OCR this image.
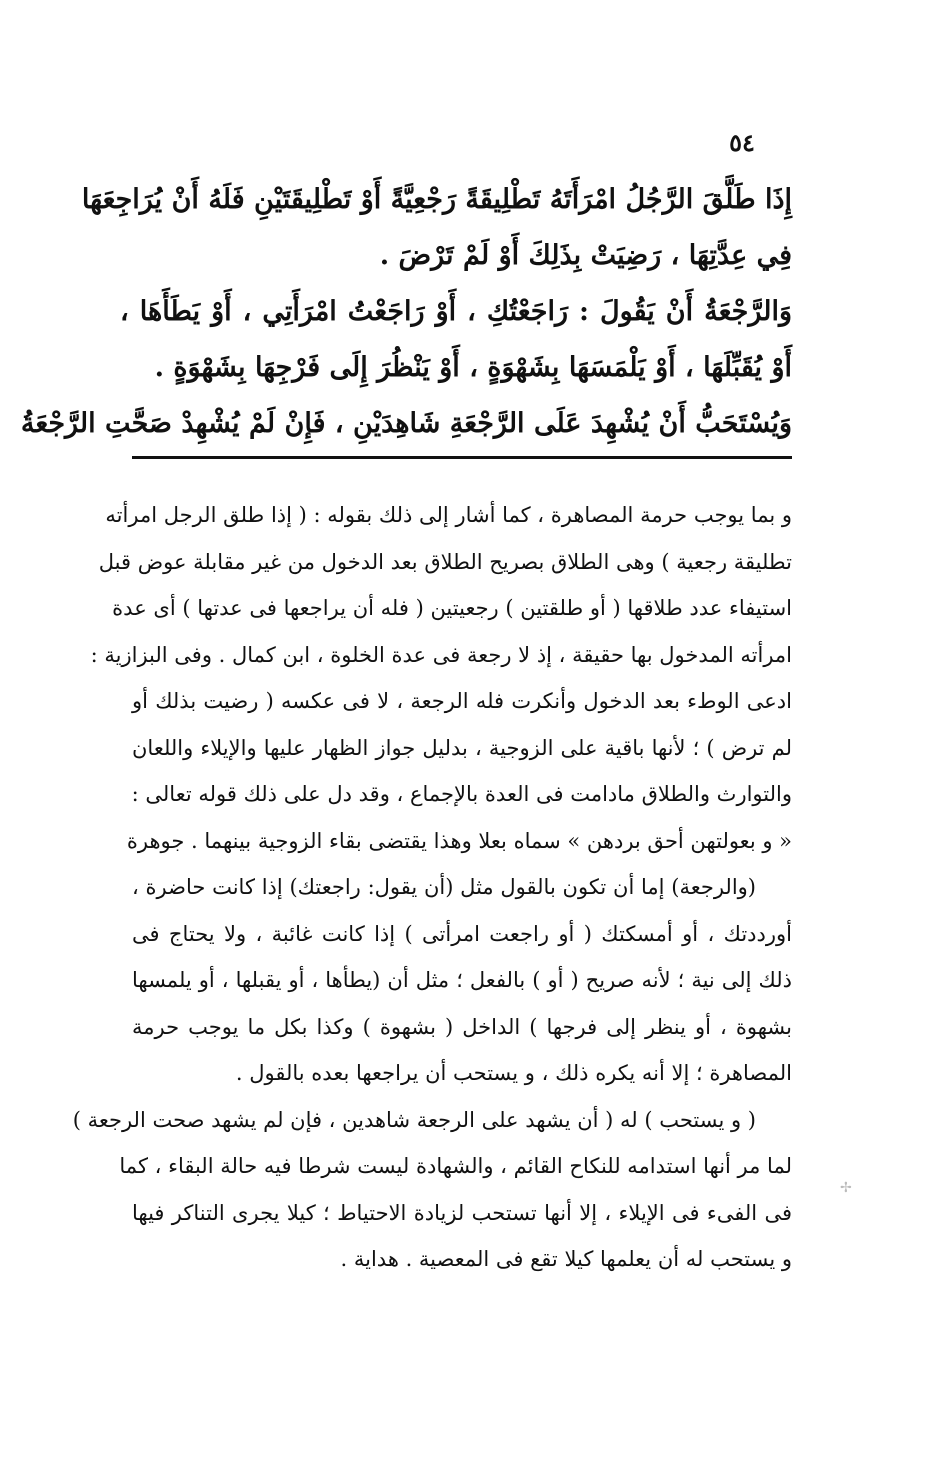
٥٤
إِذَا طَلَّقَ الرَّجُلُ امْرَأَتَهُ تَطْلِيقَةً رَجْعِيَّةً أَوْ تَطْلِيقَتَيْنِ فَلَهُ أَنْ يُرَاجِعَهَا
فِي عِدَّتِهَا ، رَضِيَتْ بِذَلِكَ أَوْ لَمْ تَرْضَ .
وَالرَّجْعَةُ أَنْ يَقُولَ : رَاجَعْتُكِ ، أَوْ رَاجَعْتُ امْرَأَتِي ، أَوْ يَطَأَهَا ،
أَوْ يُقَبِّلَهَا ، أَوْ يَلْمَسَهَا بِشَهْوَةٍ ، أَوْ يَنْظُرَ إِلَى فَرْجِهَا بِشَهْوَةٍ .
وَيُسْتَحَبُّ أَنْ يُشْهِدَ عَلَى الرَّجْعَةِ شَاهِدَيْنِ ، فَإِنْ لَمْ يُشْهِدْ صَحَّتِ الرَّجْعَةُ
و بما يوجب حرمة المصاهرة ، كما أشار إلى ذلك بقوله : ( إذا طلق الرجل امرأته
تطليقة رجعية ) وهى الطلاق بصريح الطلاق بعد الدخول من غير مقابلة عوض قبل
استيفاء عدد طلاقها ( أو طلقتين ) رجعيتين ( فله أن يراجعها فى عدتها ) أى عدة
امرأته المدخول بها حقيقة ، إذ لا رجعة فى عدة الخلوة ، ابن كمال . وفى البزازية :
ادعى الوطء بعد الدخول وأنكرت فله الرجعة ، لا فى عكسه ( رضيت بذلك أو
لم ترض ) ؛ لأنها باقية على الزوجية ، بدليل جواز الظهار عليها والإيلاء واللعان
والتوارث والطلاق مادامت فى العدة بالإجماع ، وقد دل على ذلك قوله تعالى :
« و بعولتهن أحق بردهن » سماه بعلا وهذا يقتضى بقاء الزوجية بينهما . جوهرة
(والرجعة) إما أن تكون بالقول مثل (أن يقول: راجعتك) إذا كانت حاضرة ،
أورددتك ، أو أمسكتك ( أو راجعت امرأتى ) إذا كانت غائبة ، ولا يحتاج فى
ذلك إلى نية ؛ لأنه صريح ( أو ) بالفعل ؛ مثل أن (يطأها ، أو يقبلها ، أو يلمسها
بشهوة ، أو ينظر إلى فرجها ) الداخل ( بشهوة ) وكذا بكل ما يوجب حرمة
المصاهرة ؛ إلا أنه يكره ذلك ، و يستحب أن يراجعها بعده بالقول .
( و يستحب ) له ( أن يشهد على الرجعة شاهدين ، فإن لم يشهد صحت الرجعة )
لما مر أنها استدامه للنكاح القائم ، والشهادة ليست شرطا فيه حالة البقاء ، كما
فى الفىء فى الإيلاء ، إلا أنها تستحب لزيادة الاحتياط ؛ كيلا يجرى التناكر فيها
و يستحب له أن يعلمها كيلا تقع فى المعصية . هداية .
✢
